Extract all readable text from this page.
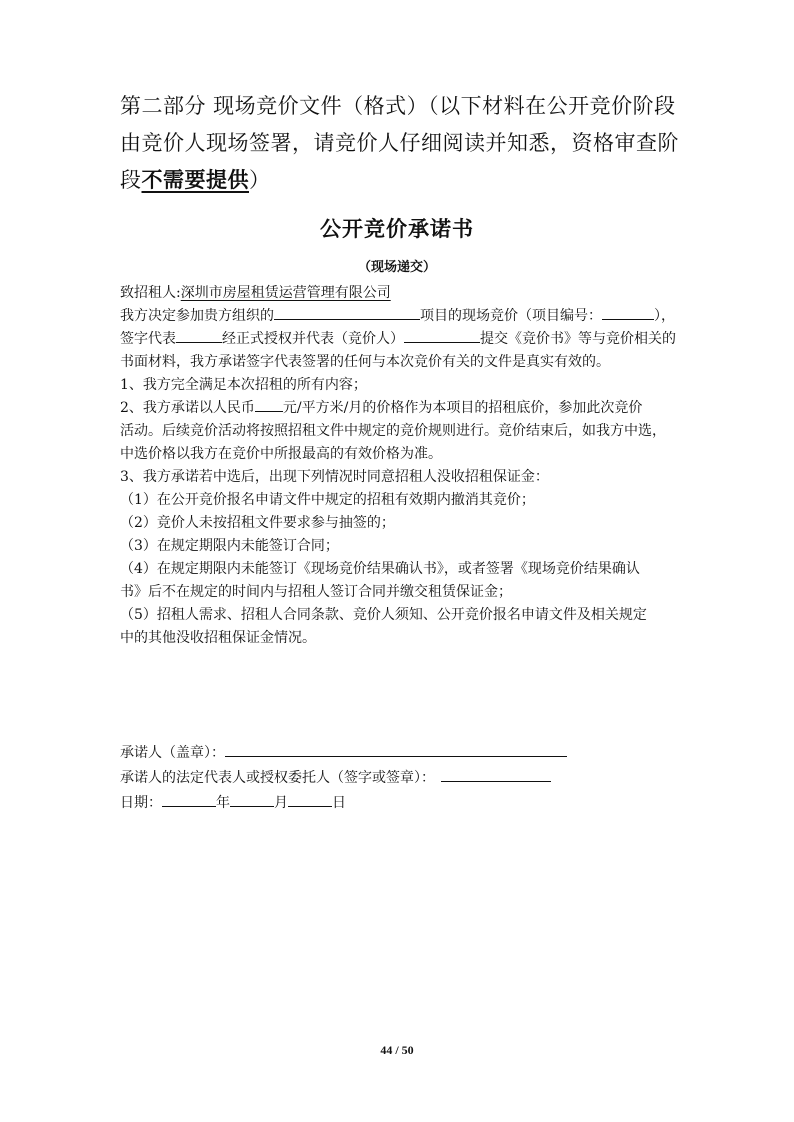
第二部分 现场竞价文件（格式）（以下材料在公开竞价阶段由竞价人现场签署，请竞价人仔细阅读并知悉，资格审查阶段不需要提供）
公开竞价承诺书
（现场递交）

致招租人:深圳市房屋租赁运营管理有限公司

我方决定参加贵方组织的	项目的现场竞价（项目编号：	），

签字代表	经正式授权并代表（竞价人）	提交《竞价书》等与竞价相关的

书面材料，我方承诺签字代表签署的任何与本次竞价有关的文件是真实有效的。

1、我方完全满足本次招租的所有内容；

2、我方承诺以人民币 元/平方米/月的价格作为本项目的招租底价，参加此次竞价

活动。后续竞价活动将按照招租文件中规定的竞价规则进行。竞价结束后，如我方中选，

中选价格以我方在竞价中所报最高的有效价格为准。

3、我方承诺若中选后，出现下列情况时同意招租人没收招租保证金：

（1）在公开竞价报名申请文件中规定的招租有效期内撤消其竞价；

（2）竞价人未按招租文件要求参与抽签的；

（3）在规定期限内未能签订合同；

（4）在规定期限内未能签订《现场竞价结果确认书》，或者签署《现场竞价结果确认

书》后不在规定的时间内与招租人签订合同并缴交租赁保证金；

（5）招租人需求、招租人合同条款、竞价人须知、公开竞价报名申请文件及相关规定

中的其他没收招租保证金情况。

承诺人（盖章）：

承诺人的法定代表人或授权委托人（签字或签章）：

日期：	年	月	日

44 / 50
